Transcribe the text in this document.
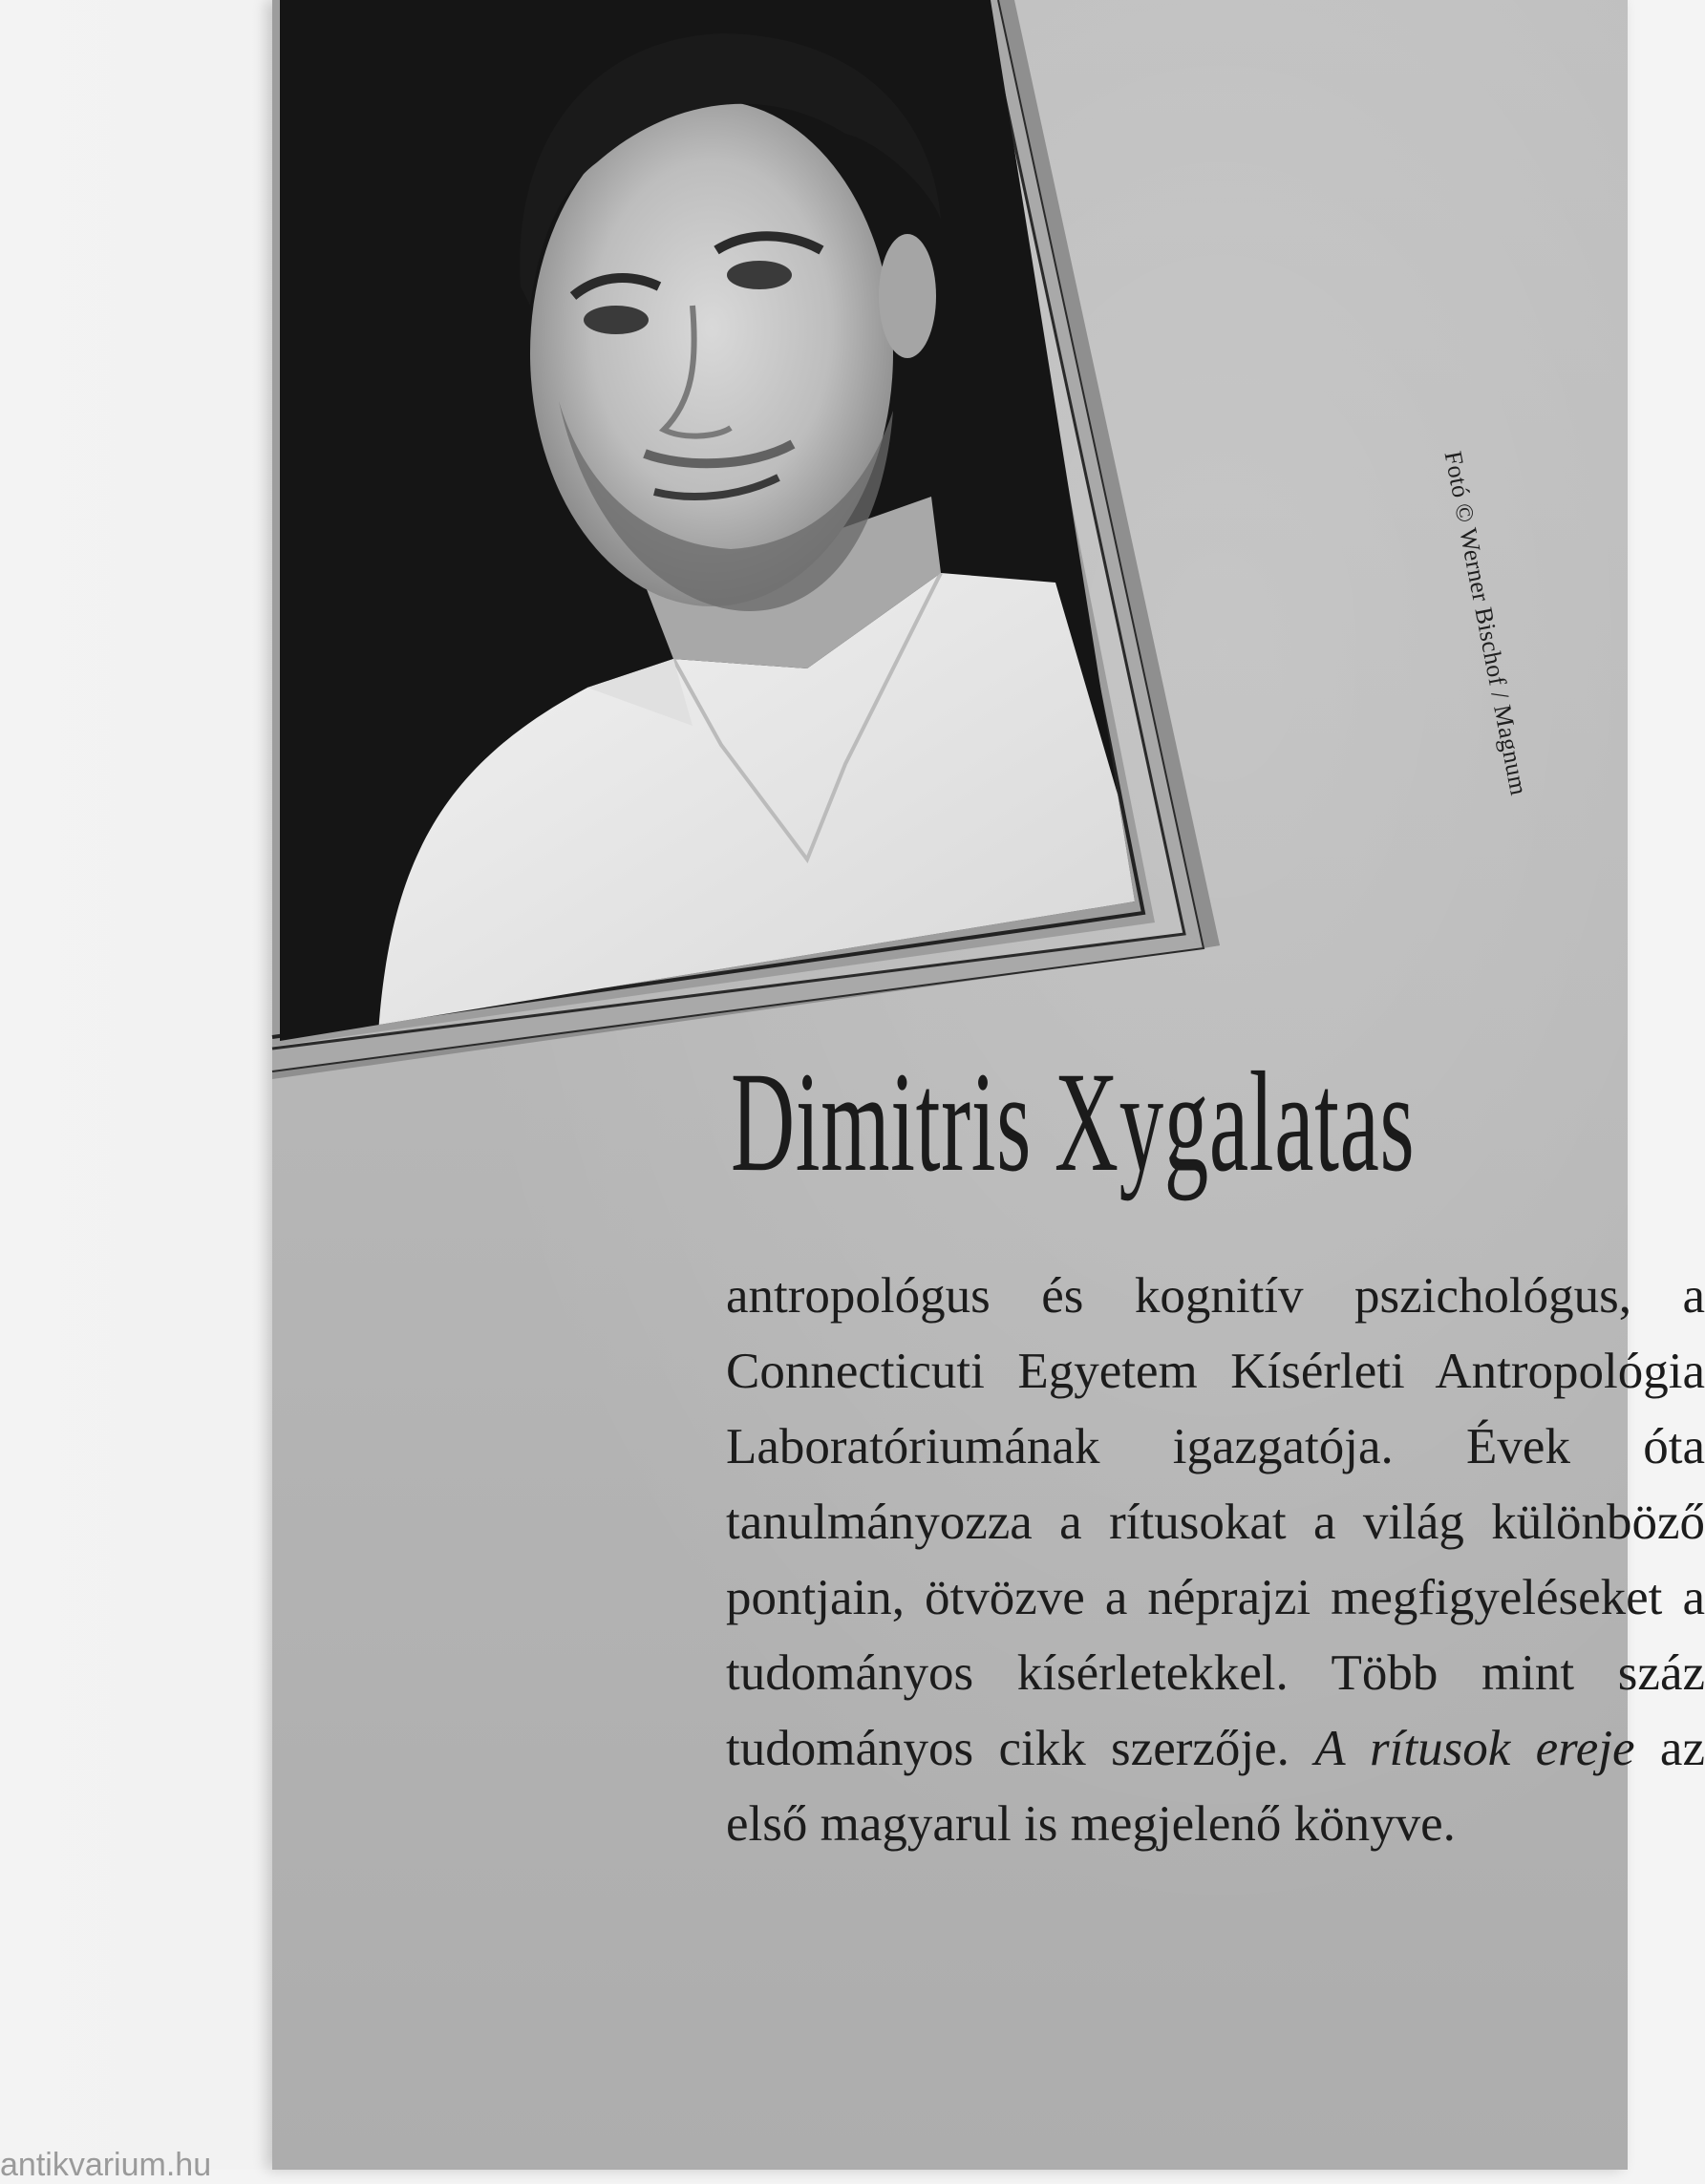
Fotó © Werner Bischof / Magnum
Dimitris Xygalatas
antropológus és kognitív pszichológus, a Connecticuti Egyetem Kísérleti Antropológia Laboratóriumának igazgatója. Évek óta tanulmányozza a rítusokat a világ különböző pontjain, ötvözve a néprajzi megfigyeléseket a tudományos kísérletekkel. Több mint száz tudományos cikk szerzője. A rítusok ereje az első magyarul is megjelenő könyve.
antikvarium.hu
